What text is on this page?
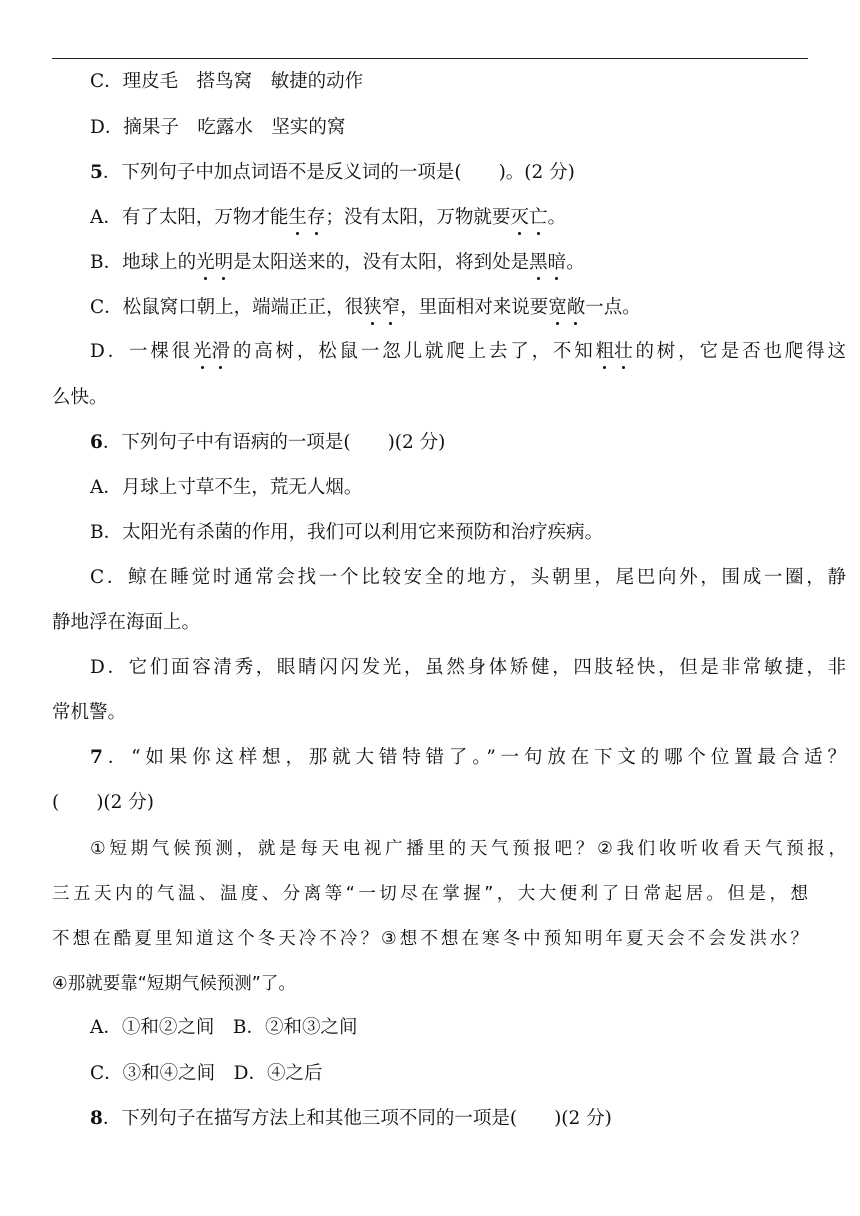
C．理皮毛　搭鸟窝　敏捷的动作
D．摘果子　吃露水　坚实的窝
5．下列句子中加点词语不是反义词的一项是(　　)。(2 分)
A．有了太阳，万物才能生存；没有太阳，万物就要灭亡。
B．地球上的光明是太阳送来的，没有太阳，将到处是黑暗。
C．松鼠窝口朝上，端端正正，很狭窄，里面相对来说要宽敞一点。
D．一棵很光滑的高树，松鼠一忽儿就爬上去了，不知粗壮的树，它是否也爬得这
么快。
6．下列句子中有语病的一项是(　　)(2 分)
A．月球上寸草不生，荒无人烟。
B．太阳光有杀菌的作用，我们可以利用它来预防和治疗疾病。
C．鲸在睡觉时通常会找一个比较安全的地方，头朝里，尾巴向外，围成一圈，静
静地浮在海面上。
D．它们面容清秀，眼睛闪闪发光，虽然身体矫健，四肢轻快，但是非常敏捷，非
常机警。
7．“如果你这样想，那就大错特错了。”一句放在下文的哪个位置最合适？
(　　)(2 分)
①短期气候预测，就是每天电视广播里的天气预报吧？②我们收听收看天气预报，
三五天内的气温、温度、分离等“一切尽在掌握”，大大便利了日常起居。但是，想
不想在酷夏里知道这个冬天冷不冷？③想不想在寒冬中预知明年夏天会不会发洪水？
④那就要靠“短期气候预测”了。
A．①和②之间　B．②和③之间
C．③和④之间　D．④之后
8．下列句子在描写方法上和其他三项不同的一项是(　　)(2 分)
